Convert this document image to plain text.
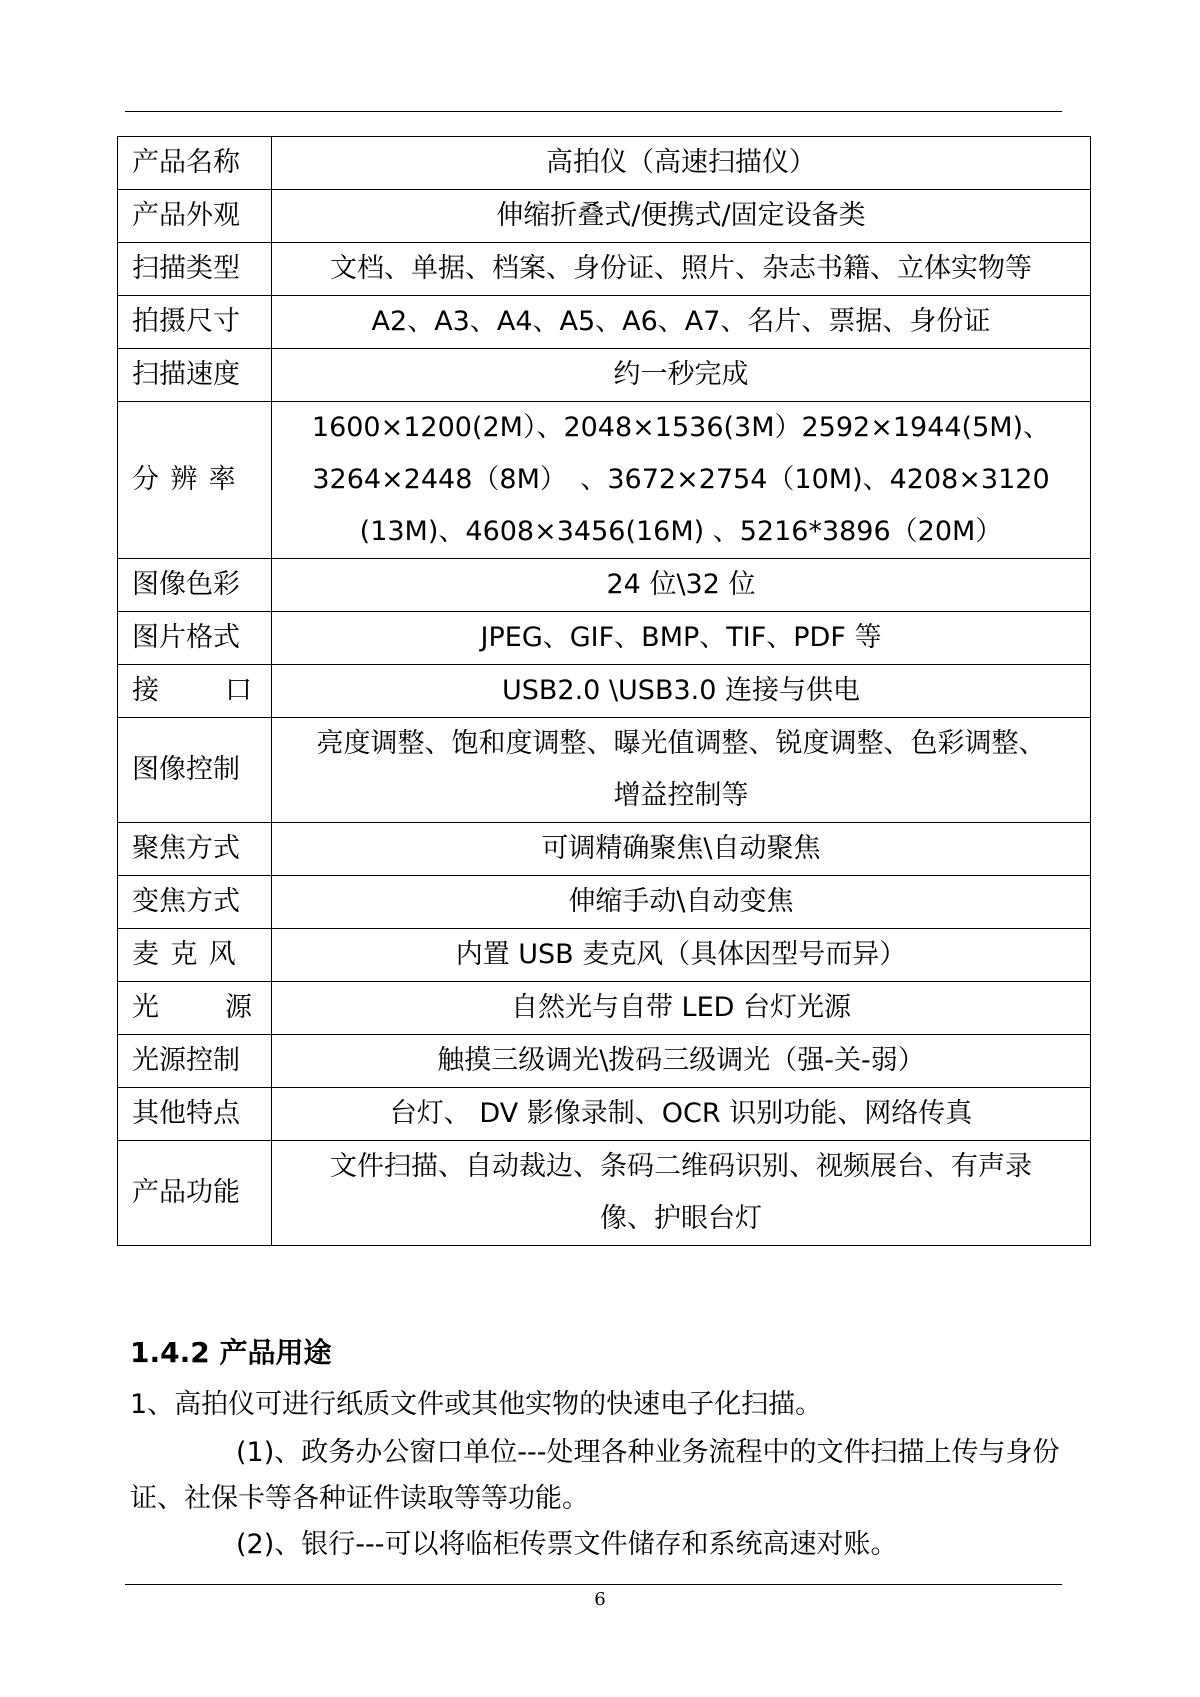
产品名称	高拍仪（高速扫描仪）
产品外观	伸缩折叠式/便携式/固定设备类
扫描类型	文档、单据、档案、身份证、照片、杂志书籍、立体实物等
拍摄尺寸	A2、A3、A4、A5、A6、A7、名片、票据、身份证
扫描速度	约一秒完成
分辨率	1600×1200(2M）、2048×1536(3M）2592×1944(5M)、
3264×2448（8M）　、3672×2754（10M)、4208×3120
(13M)、4608×3456(16M) 、5216*3896（20M）

图像色彩	24 位\32 位
图片格式	JPEG、GIF、BMP、TIF、PDF 等

接 口	USB2.0 \USB3.0 连接与供电
图像控制	亮度调整、饱和度调整、曝光值调整、锐度调整、色彩调整、
增益控制等

聚焦方式	可调精确聚焦\自动聚焦
变焦方式	伸缩手动\自动变焦
麦克风	内置 USB 麦克风（具体因型号而异）

光 源	自然光与自带 LED 台灯光源
光源控制	触摸三级调光\拨码三级调光（强-关-弱）
其他特点	台灯、 DV 影像录制、OCR 识别功能、网络传真
产品功能	文件扫描、自动裁边、条码二维码识别、视频展台、有声录
像、护眼台灯
1.4.2 产品用途

1、高拍仪可进行纸质文件或其他实物的快速电子化扫描。

(1)、政务办公窗口单位---处理各种业务流程中的文件扫描上传与身份证、社保卡等各种证件读取等等功能。

(2)、银行---可以将临柜传票文件储存和系统高速对账。

6
